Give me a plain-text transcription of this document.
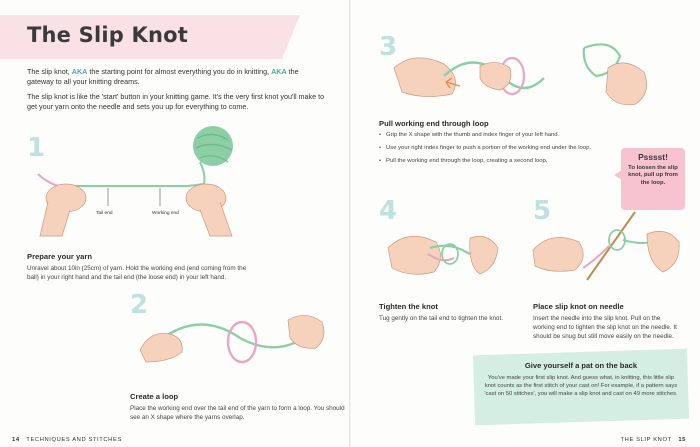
The Slip Knot

The slip knot, AKA the starting point for almost everything you do in knitting, AKA the gateway to all your knitting dreams.

The slip knot is like the 'start' button in your knitting game. It's the very first knot you'll make to get your yarn onto the needle and sets you up for everything to come.

1
Tail end	Working end
Prepare your yarn
Unravel about 10in (25cm) of yarn. Hold the working end (end coming from the ball) in your right hand and the tail end (the loose end) in your left hand.
2
Create a loop
Place the working end over the tail end of the yarn to form a loop. You should see an X shape where the yarns overlap.
14 TECHNIQUES AND STITCHES
3
Pull working end through loop
• Grip the X shape with the thumb and index finger of your left hand.
• Use your right index finger to push a portion of the working end under the loop.
• Pull the working end through the loop, creating a second loop.	Psssst!
To loosen the slip knot, pull up from the loop.
4
Tighten the knot
Tug gently on the tail end to tighten the knot.
5
Place slip knot on needle
Insert the needle into the slip knot. Pull on the working end to tighten the slip knot on the needle. It should be snug but still move easily on the needle.
Give yourself a pat on the back
You've made your first slip knot. And guess what, in knitting, this little slip knot counts as the first stitch of your cast on! For example, if a pattern says 'cast on 50 stitches', you will make a slip knot and cast on 49 more stitches.
THE SLIP KNOT 15
